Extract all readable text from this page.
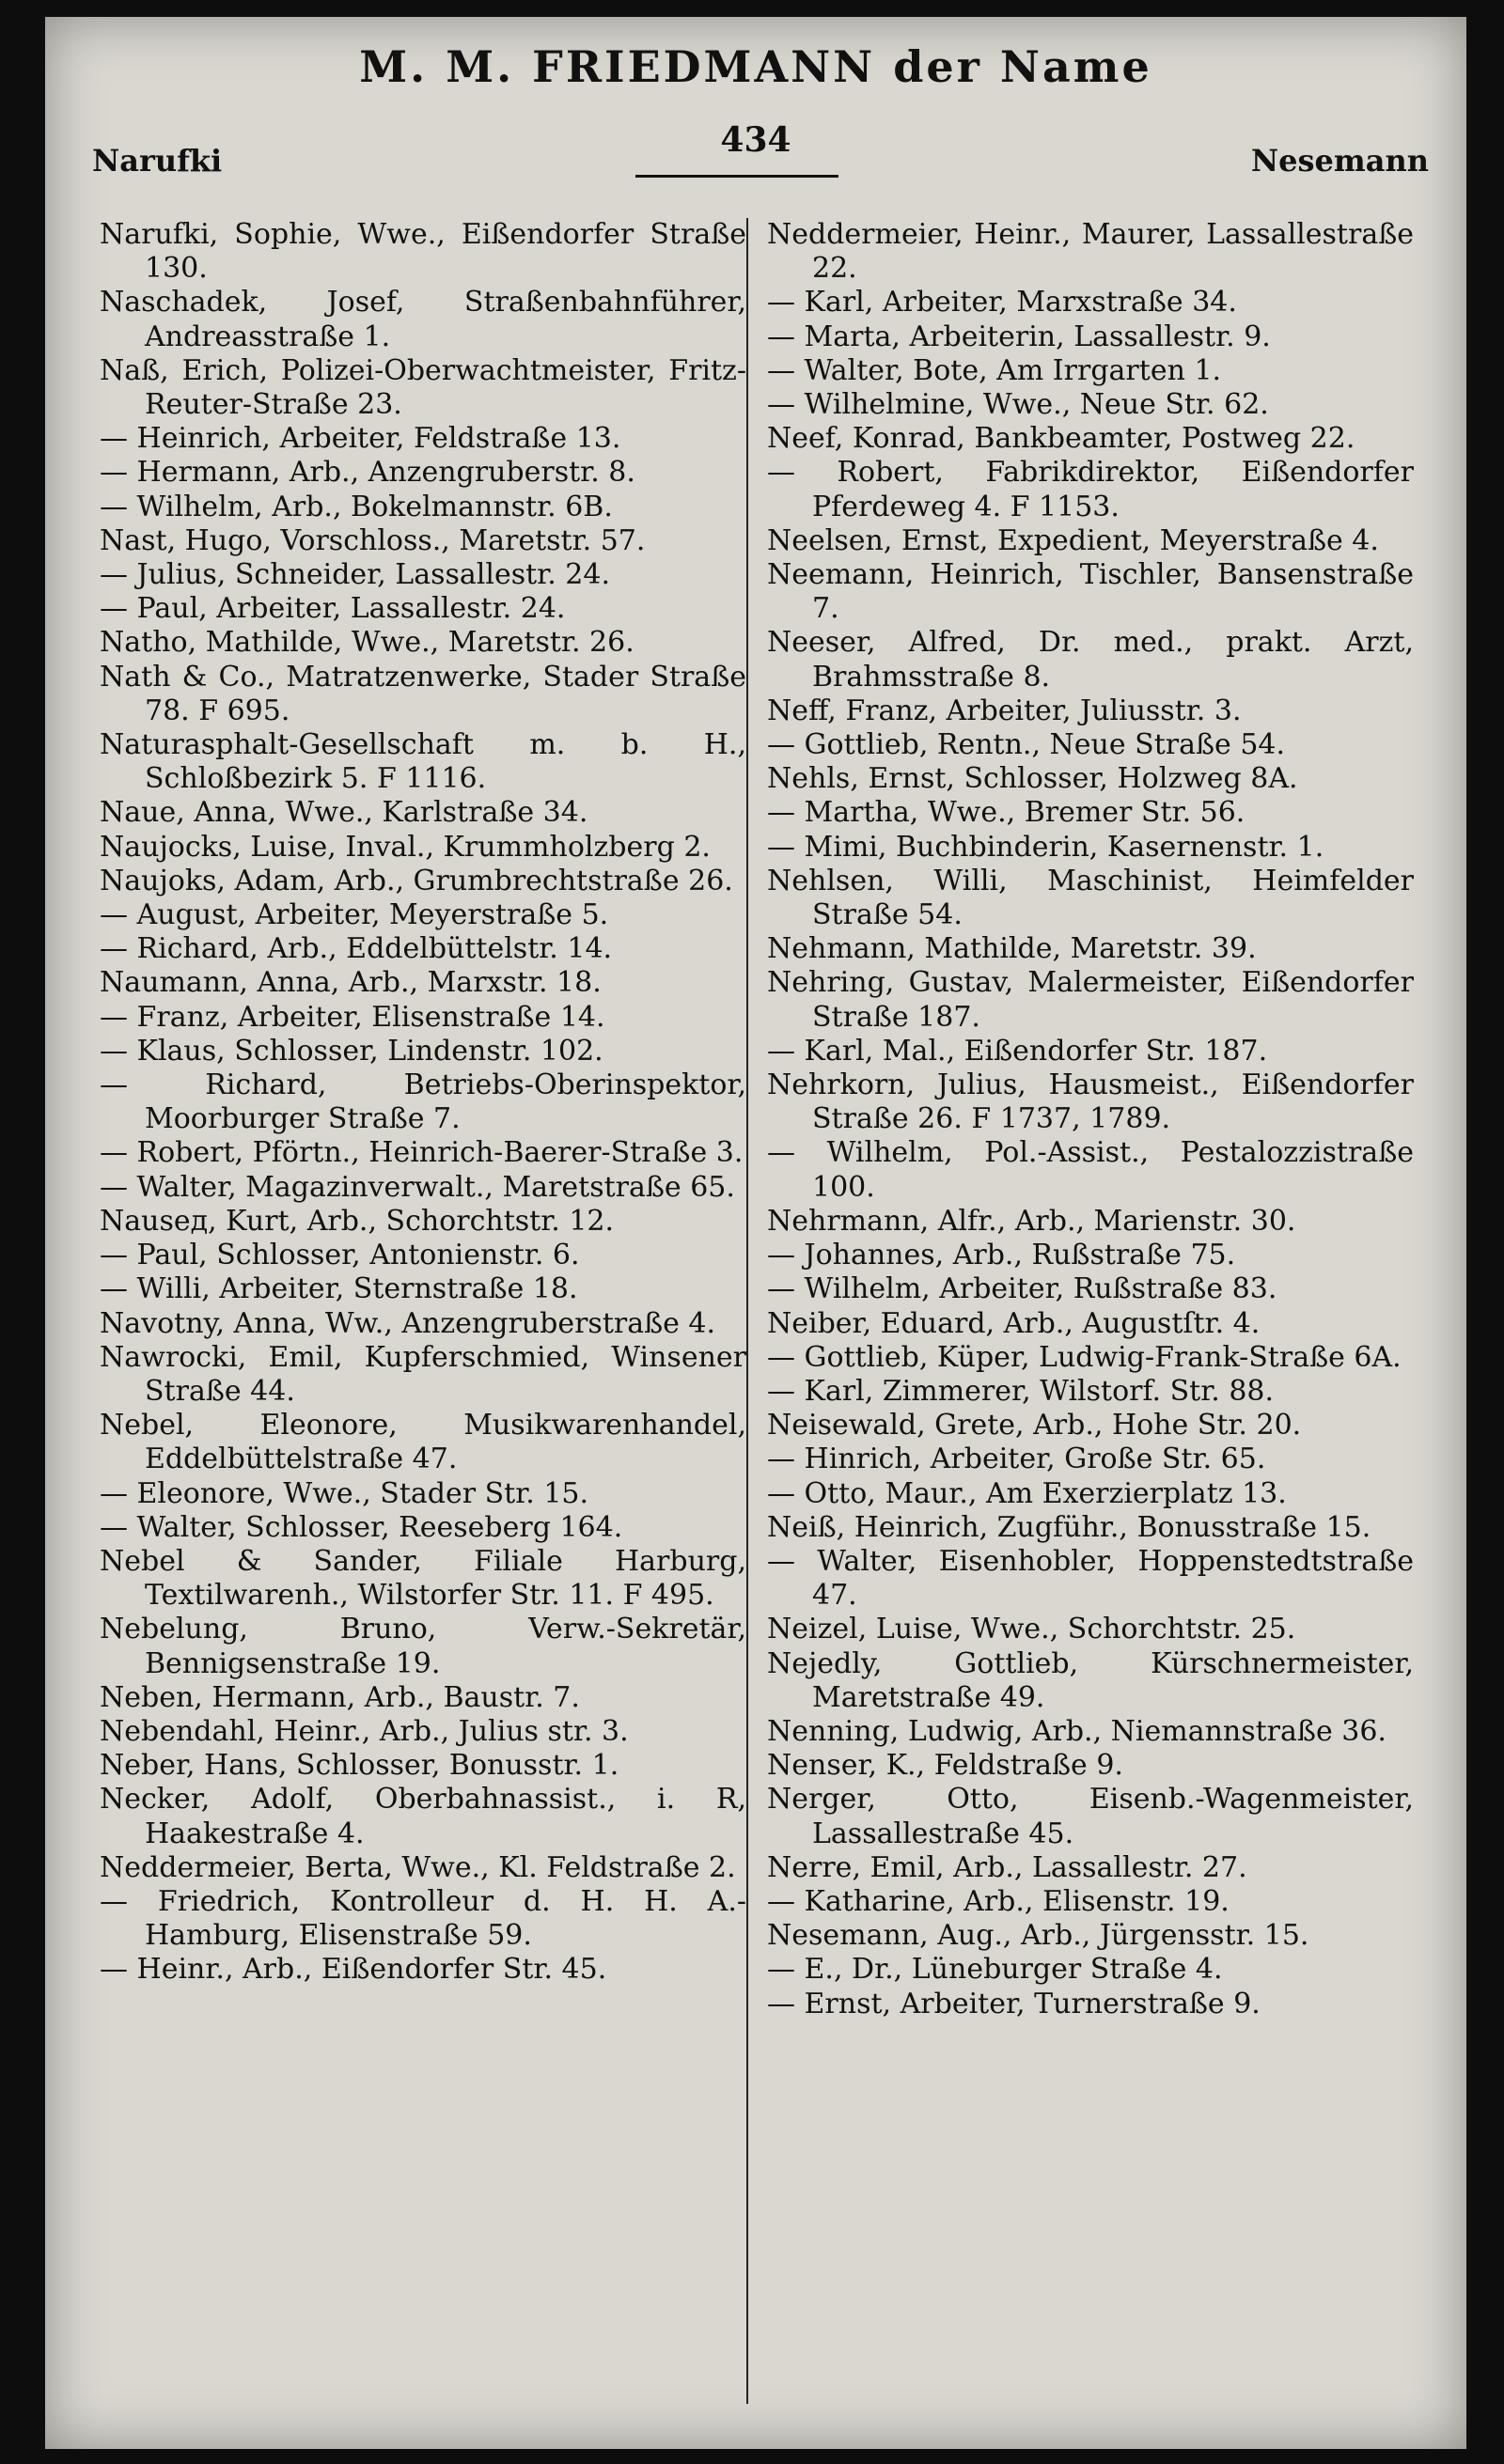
M. M. FRIEDMANN der Name
Narufki
434
Nesemann

Narufki, Sophie, Wwe., Eißendorfer Straße 130.

Naschadek, Josef, Straßenbahnführer, Andreasstraße 1.

Naß, Erich, Polizei-Oberwachtmeister, Fritz-Reuter-Straße 23.

— Heinrich, Arbeiter, Feldstraße 13.

— Hermann, Arb., Anzengruberstr. 8.

— Wilhelm, Arb., Bokelmannstr. 6B.

Nast, Hugo, Vorschloss., Maretstr. 57.

— Julius, Schneider, Lassallestr. 24.

— Paul, Arbeiter, Lassallestr. 24.

Natho, Mathilde, Wwe., Maretstr. 26.

Nath & Co., Matratzenwerke, Stader Straße 78. F 695.

Naturasphalt-Gesellschaft m. b. H., Schloßbezirk 5. F 1116.

Naue, Anna, Wwe., Karlstraße 34.

Naujocks, Luise, Inval., Krummholzberg 2.

Naujoks, Adam, Arb., Grumbrechtstraße 26.

— August, Arbeiter, Meyerstraße 5.

— Richard, Arb., Eddelbüttelstr. 14.

Naumann, Anna, Arb., Marxstr. 18.

— Franz, Arbeiter, Elisenstraße 14.

— Klaus, Schlosser, Lindenstr. 102.

— Richard, Betriebs-Oberinspektor, Moorburger Straße 7.

— Robert, Pförtn., Heinrich-Baerer-Straße 3.

— Walter, Magazinverwalt., Maretstraße 65.

Nauseд, Kurt, Arb., Schorchtstr. 12.

— Paul, Schlosser, Antonienstr. 6.

— Willi, Arbeiter, Sternstraße 18.

Navotny, Anna, Ww., Anzengruberstraße 4.

Nawrocki, Emil, Kupferschmied, Winsener Straße 44.

Nebel, Eleonore, Musikwarenhandel, Eddelbüttelstraße 47.

— Eleonore, Wwe., Stader Str. 15.

— Walter, Schlosser, Reeseberg 164.

Nebel & Sander, Filiale Harburg, Textilwarenh., Wilstorfer Str. 11. F 495.

Nebelung, Bruno, Verw.-Sekretär, Bennigsenstraße 19.

Neben, Hermann, Arb., Baustr. 7.

Nebendahl, Heinr., Arb., Julius str. 3.

Neber, Hans, Schlosser, Bonusstr. 1.

Necker, Adolf, Oberbahnassist., i. R, Haakestraße 4.

Neddermeier, Berta, Wwe., Kl. Feldstraße 2.

— Friedrich, Kontrolleur d. H. H. A.-Hamburg, Elisenstraße 59.

— Heinr., Arb., Eißendorfer Str. 45.

Neddermeier, Heinr., Maurer, Lassallestraße 22.

— Karl, Arbeiter, Marxstraße 34.

— Marta, Arbeiterin, Lassallestr. 9.

— Walter, Bote, Am Irrgarten 1.

— Wilhelmine, Wwe., Neue Str. 62.

Neef, Konrad, Bankbeamter, Postweg 22.

— Robert, Fabrikdirektor, Eißendorfer Pferdeweg 4. F 1153.

Neelsen, Ernst, Expedient, Meyerstraße 4.

Neemann, Heinrich, Tischler, Bansenstraße 7.

Neeser, Alfred, Dr. med., prakt. Arzt, Brahmsstraße 8.

Neff, Franz, Arbeiter, Juliusstr. 3.

— Gottlieb, Rentn., Neue Straße 54.

Nehls, Ernst, Schlosser, Holzweg 8A.

— Martha, Wwe., Bremer Str. 56.

— Mimi, Buchbinderin, Kasernenstr. 1.

Nehlsen, Willi, Maschinist, Heimfelder Straße 54.

Nehmann, Mathilde, Maretstr. 39.

Nehring, Gustav, Malermeister, Eißendorfer Straße 187.

— Karl, Mal., Eißendorfer Str. 187.

Nehrkorn, Julius, Hausmeist., Eißendorfer Straße 26. F 1737, 1789.

— Wilhelm, Pol.-Assist., Pestalozzistraße 100.

Nehrmann, Alfr., Arb., Marienstr. 30.

— Johannes, Arb., Rußstraße 75.

— Wilhelm, Arbeiter, Rußstraße 83.

Neiber, Eduard, Arb., Augustſtr. 4.

— Gottlieb, Küper, Ludwig-Frank-Straße 6A.

— Karl, Zimmerer, Wilstorf. Str. 88.

Neisewald, Grete, Arb., Hohe Str. 20.

— Hinrich, Arbeiter, Große Str. 65.

— Otto, Maur., Am Exerzierplatz 13.

Neiß, Heinrich, Zugführ., Bonusstraße 15.

— Walter, Eisenhobler, Hoppenstedtstraße 47.

Neizel, Luise, Wwe., Schorchtstr. 25.

Nejedly, Gottlieb, Kürschnermeister, Maretstraße 49.

Nenning, Ludwig, Arb., Niemannstraße 36.

Nenser, K., Feldstraße 9.

Nerger, Otto, Eisenb.-Wagenmeister, Lassallestraße 45.

Nerre, Emil, Arb., Lassallestr. 27.

— Katharine, Arb., Elisenstr. 19.

Nesemann, Aug., Arb., Jürgensstr. 15.

— E., Dr., Lüneburger Straße 4.

— Ernst, Arbeiter, Turnerstraße 9.
